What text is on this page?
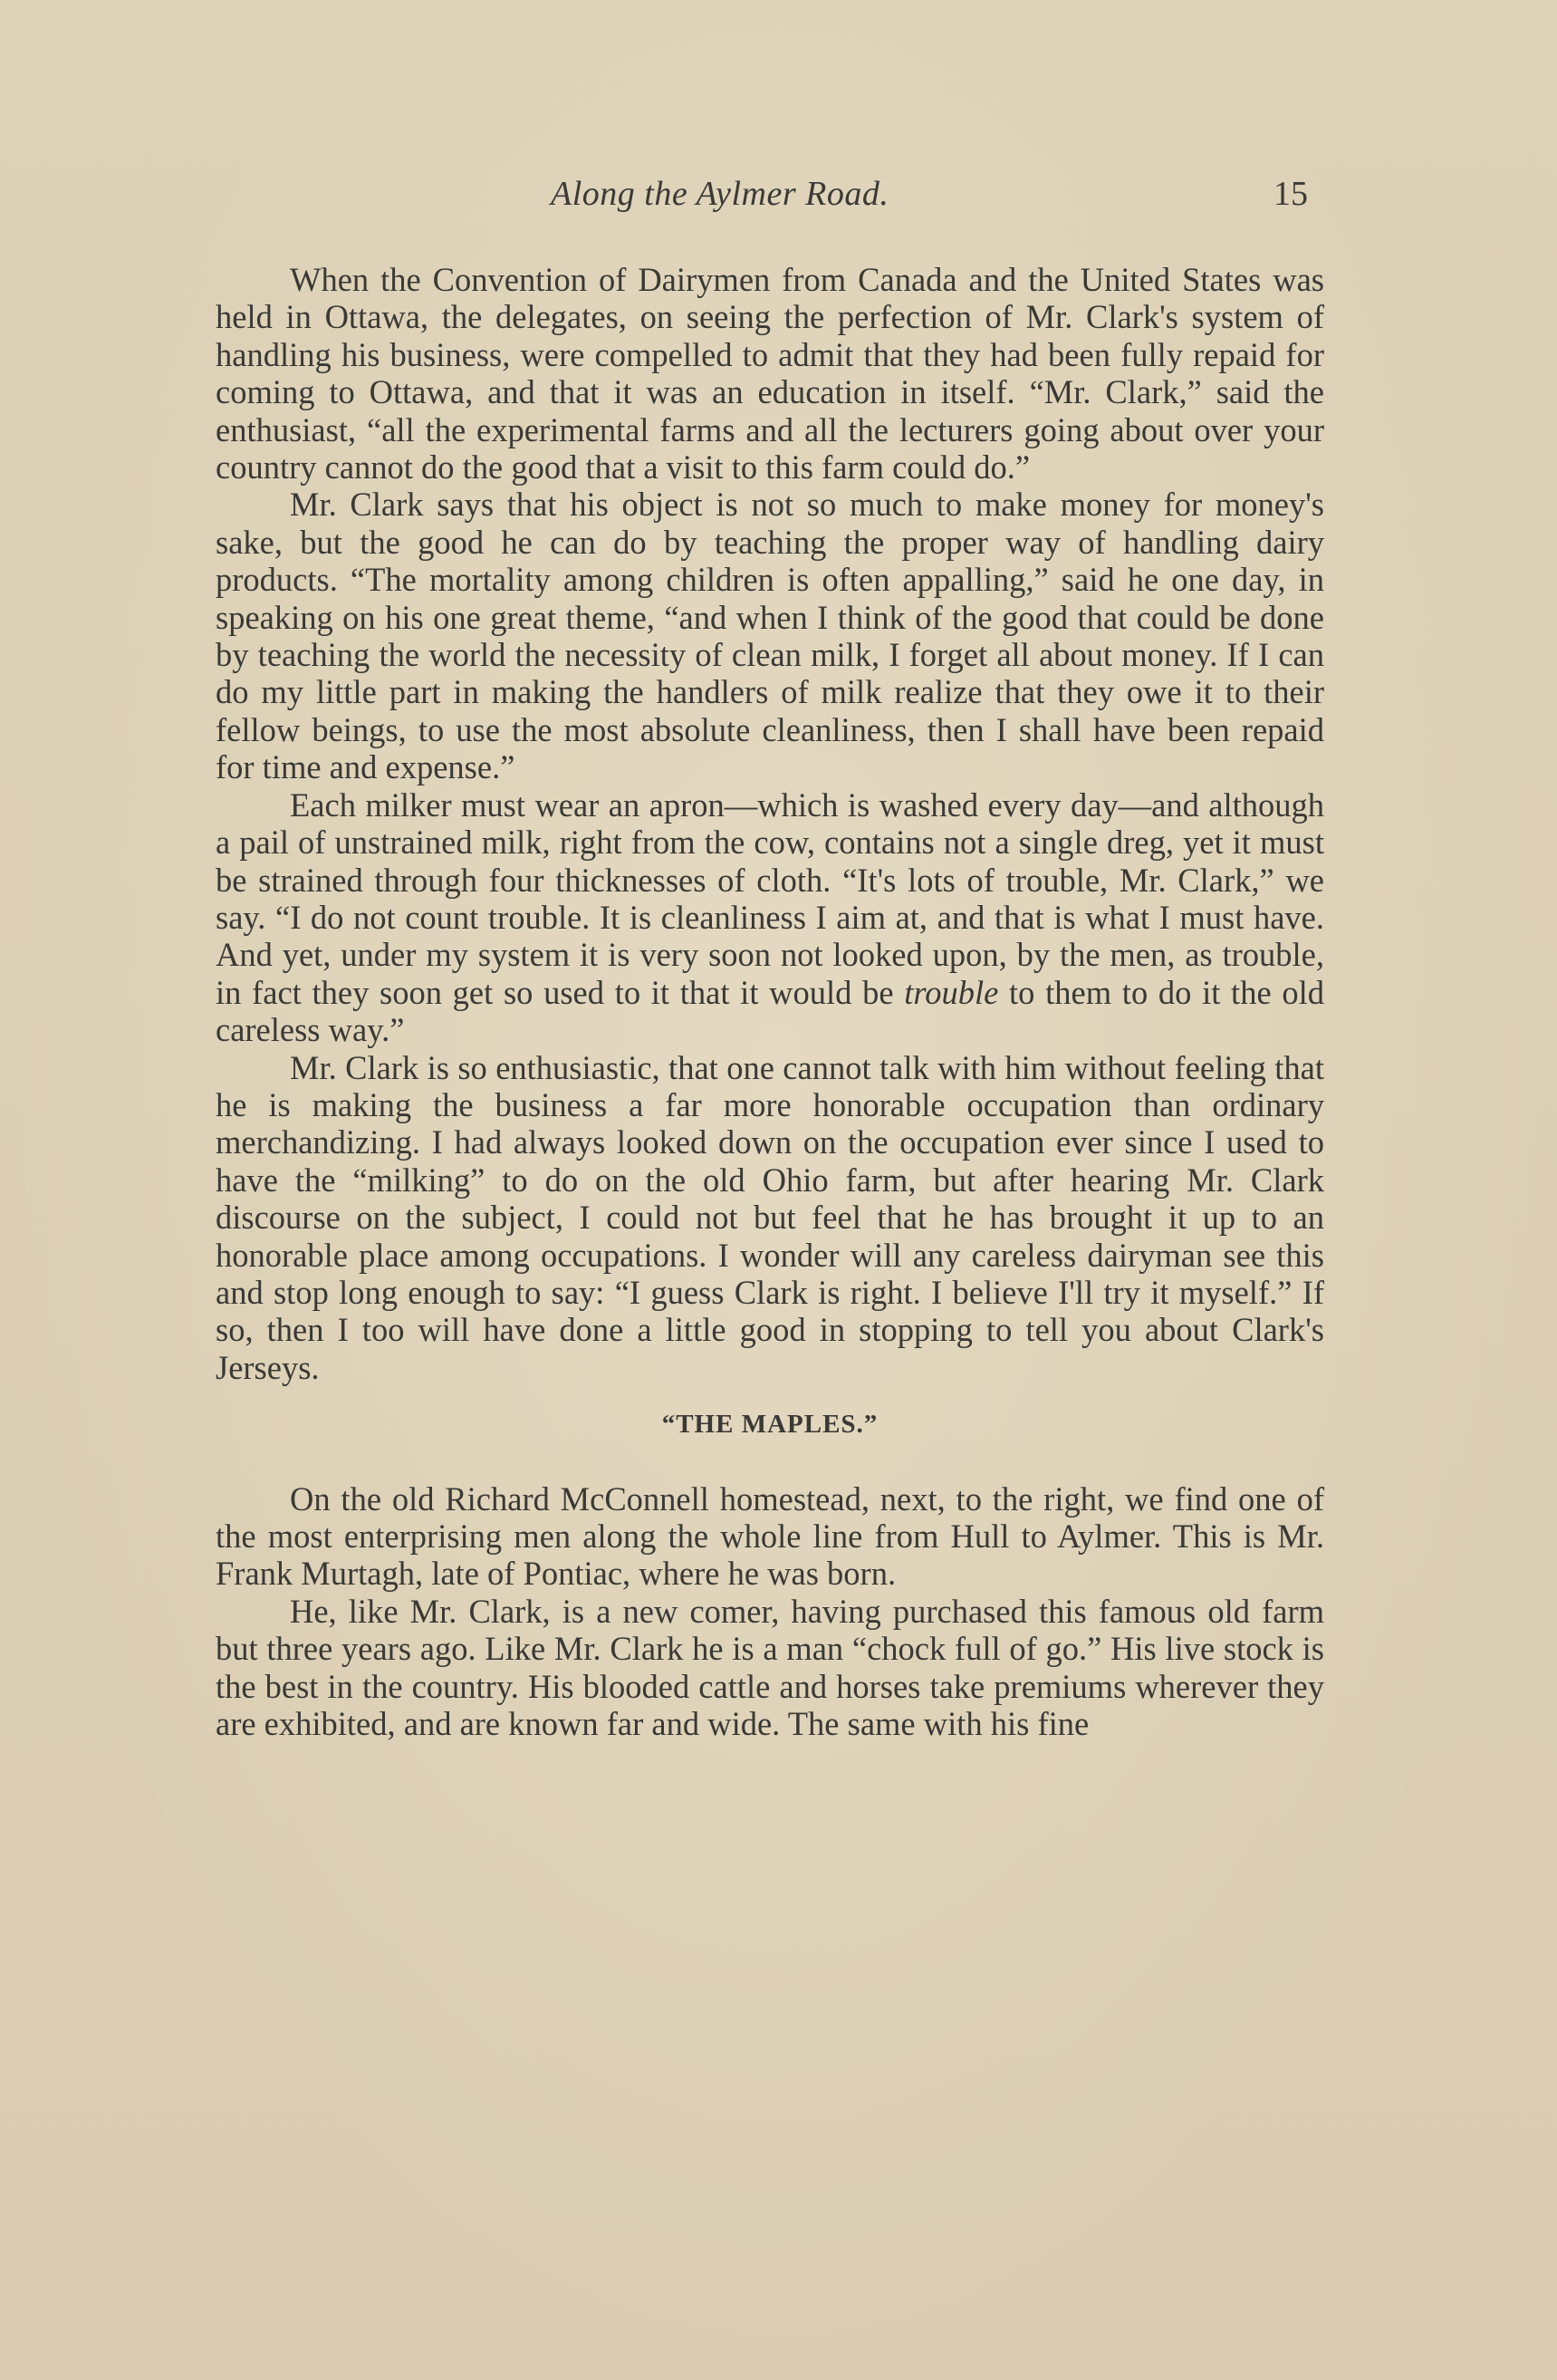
Along the Aylmer Road.	15

When the Convention of Dairymen from Canada and the United States was held in Ottawa, the delegates, on seeing the perfection of Mr. Clark's system of handling his business, were compelled to admit that they had been fully repaid for coming to Ottawa, and that it was an education in itself. “Mr. Clark,” said the enthusiast, “all the experimental farms and all the lecturers going about over your country cannot do the good that a visit to this farm could do.”

Mr. Clark says that his object is not so much to make money for money's sake, but the good he can do by teaching the proper way of handling dairy products. “The mortality among children is often appalling,” said he one day, in speaking on his one great theme, “and when I think of the good that could be done by teaching the world the necessity of clean milk, I forget all about money. If I can do my little part in making the handlers of milk realize that they owe it to their fellow beings, to use the most absolute cleanliness, then I shall have been repaid for time and expense.”

Each milker must wear an apron—which is washed every day—and although a pail of unstrained milk, right from the cow, contains not a single dreg, yet it must be strained through four thicknesses of cloth. “It's lots of trouble, Mr. Clark,” we say. “I do not count trouble. It is cleanliness I aim at, and that is what I must have. And yet, under my system it is very soon not looked upon, by the men, as trouble, in fact they soon get so used to it that it would be trouble to them to do it the old careless way.”

Mr. Clark is so enthusiastic, that one cannot talk with him without feeling that he is making the business a far more honorable occupation than ordinary merchandizing. I had always looked down on the occupation ever since I used to have the “milking” to do on the old Ohio farm, but after hearing Mr. Clark discourse on the subject, I could not but feel that he has brought it up to an honorable place among occupations. I wonder will any careless dairyman see this and stop long enough to say: “I guess Clark is right. I believe I'll try it myself.” If so, then I too will have done a little good in stopping to tell you about Clark's Jerseys.

“THE MAPLES.”

On the old Richard McConnell homestead, next, to the right, we find one of the most enterprising men along the whole line from Hull to Aylmer. This is Mr. Frank Murtagh, late of Pontiac, where he was born.

He, like Mr. Clark, is a new comer, having purchased this famous old farm but three years ago. Like Mr. Clark he is a man “chock full of go.” His live stock is the best in the country. His blooded cattle and horses take premiums wherever they are exhibited, and are known far and wide. The same with his fine
